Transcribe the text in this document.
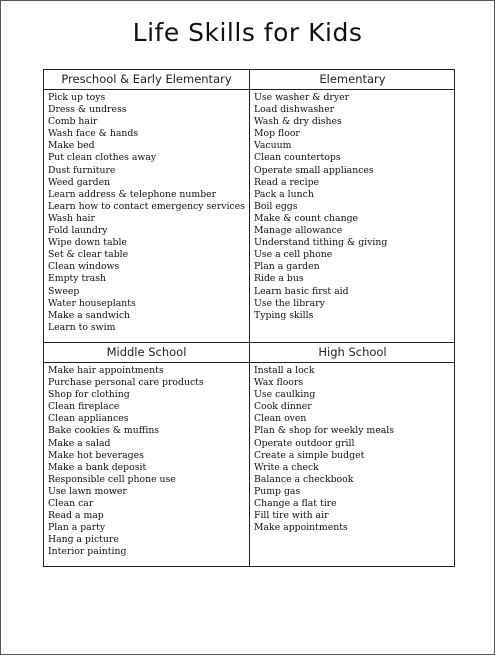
Life Skills for Kids
Preschool & Early Elementary
Pick up toys
Dress & undress
Comb hair
Wash face & hands
Make bed
Put clean clothes away
Dust furniture
Weed garden
Learn address & telephone number
Learn how to contact emergency services
Wash hair
Fold laundry
Wipe down table
Set & clear table
Clean windows
Empty trash
Sweep
Water houseplants
Make a sandwich
Learn to swim
Elementary
Use washer & dryer
Load dishwasher
Wash & dry dishes
Mop floor
Vacuum
Clean countertops
Operate small appliances
Read a recipe
Pack a lunch
Boil eggs
Make & count change
Manage allowance
Understand tithing & giving
Use a cell phone
Plan a garden
Ride a bus
Learn basic first aid
Use the library
Typing skills
Middle School
Make hair appointments
Purchase personal care products
Shop for clothing
Clean fireplace
Clean appliances
Bake cookies & muffins
Make a salad
Make hot beverages
Make a bank deposit
Responsible cell phone use
Use lawn mower
Clean car
Read a map
Plan a party
Hang a picture
Interior painting
High School
Install a lock
Wax floors
Use caulking
Cook dinner
Clean oven
Plan & shop for weekly meals
Operate outdoor grill
Create a simple budget
Write a check
Balance a checkbook
Pump gas
Change a flat tire
Fill tire with air
Make appointments
